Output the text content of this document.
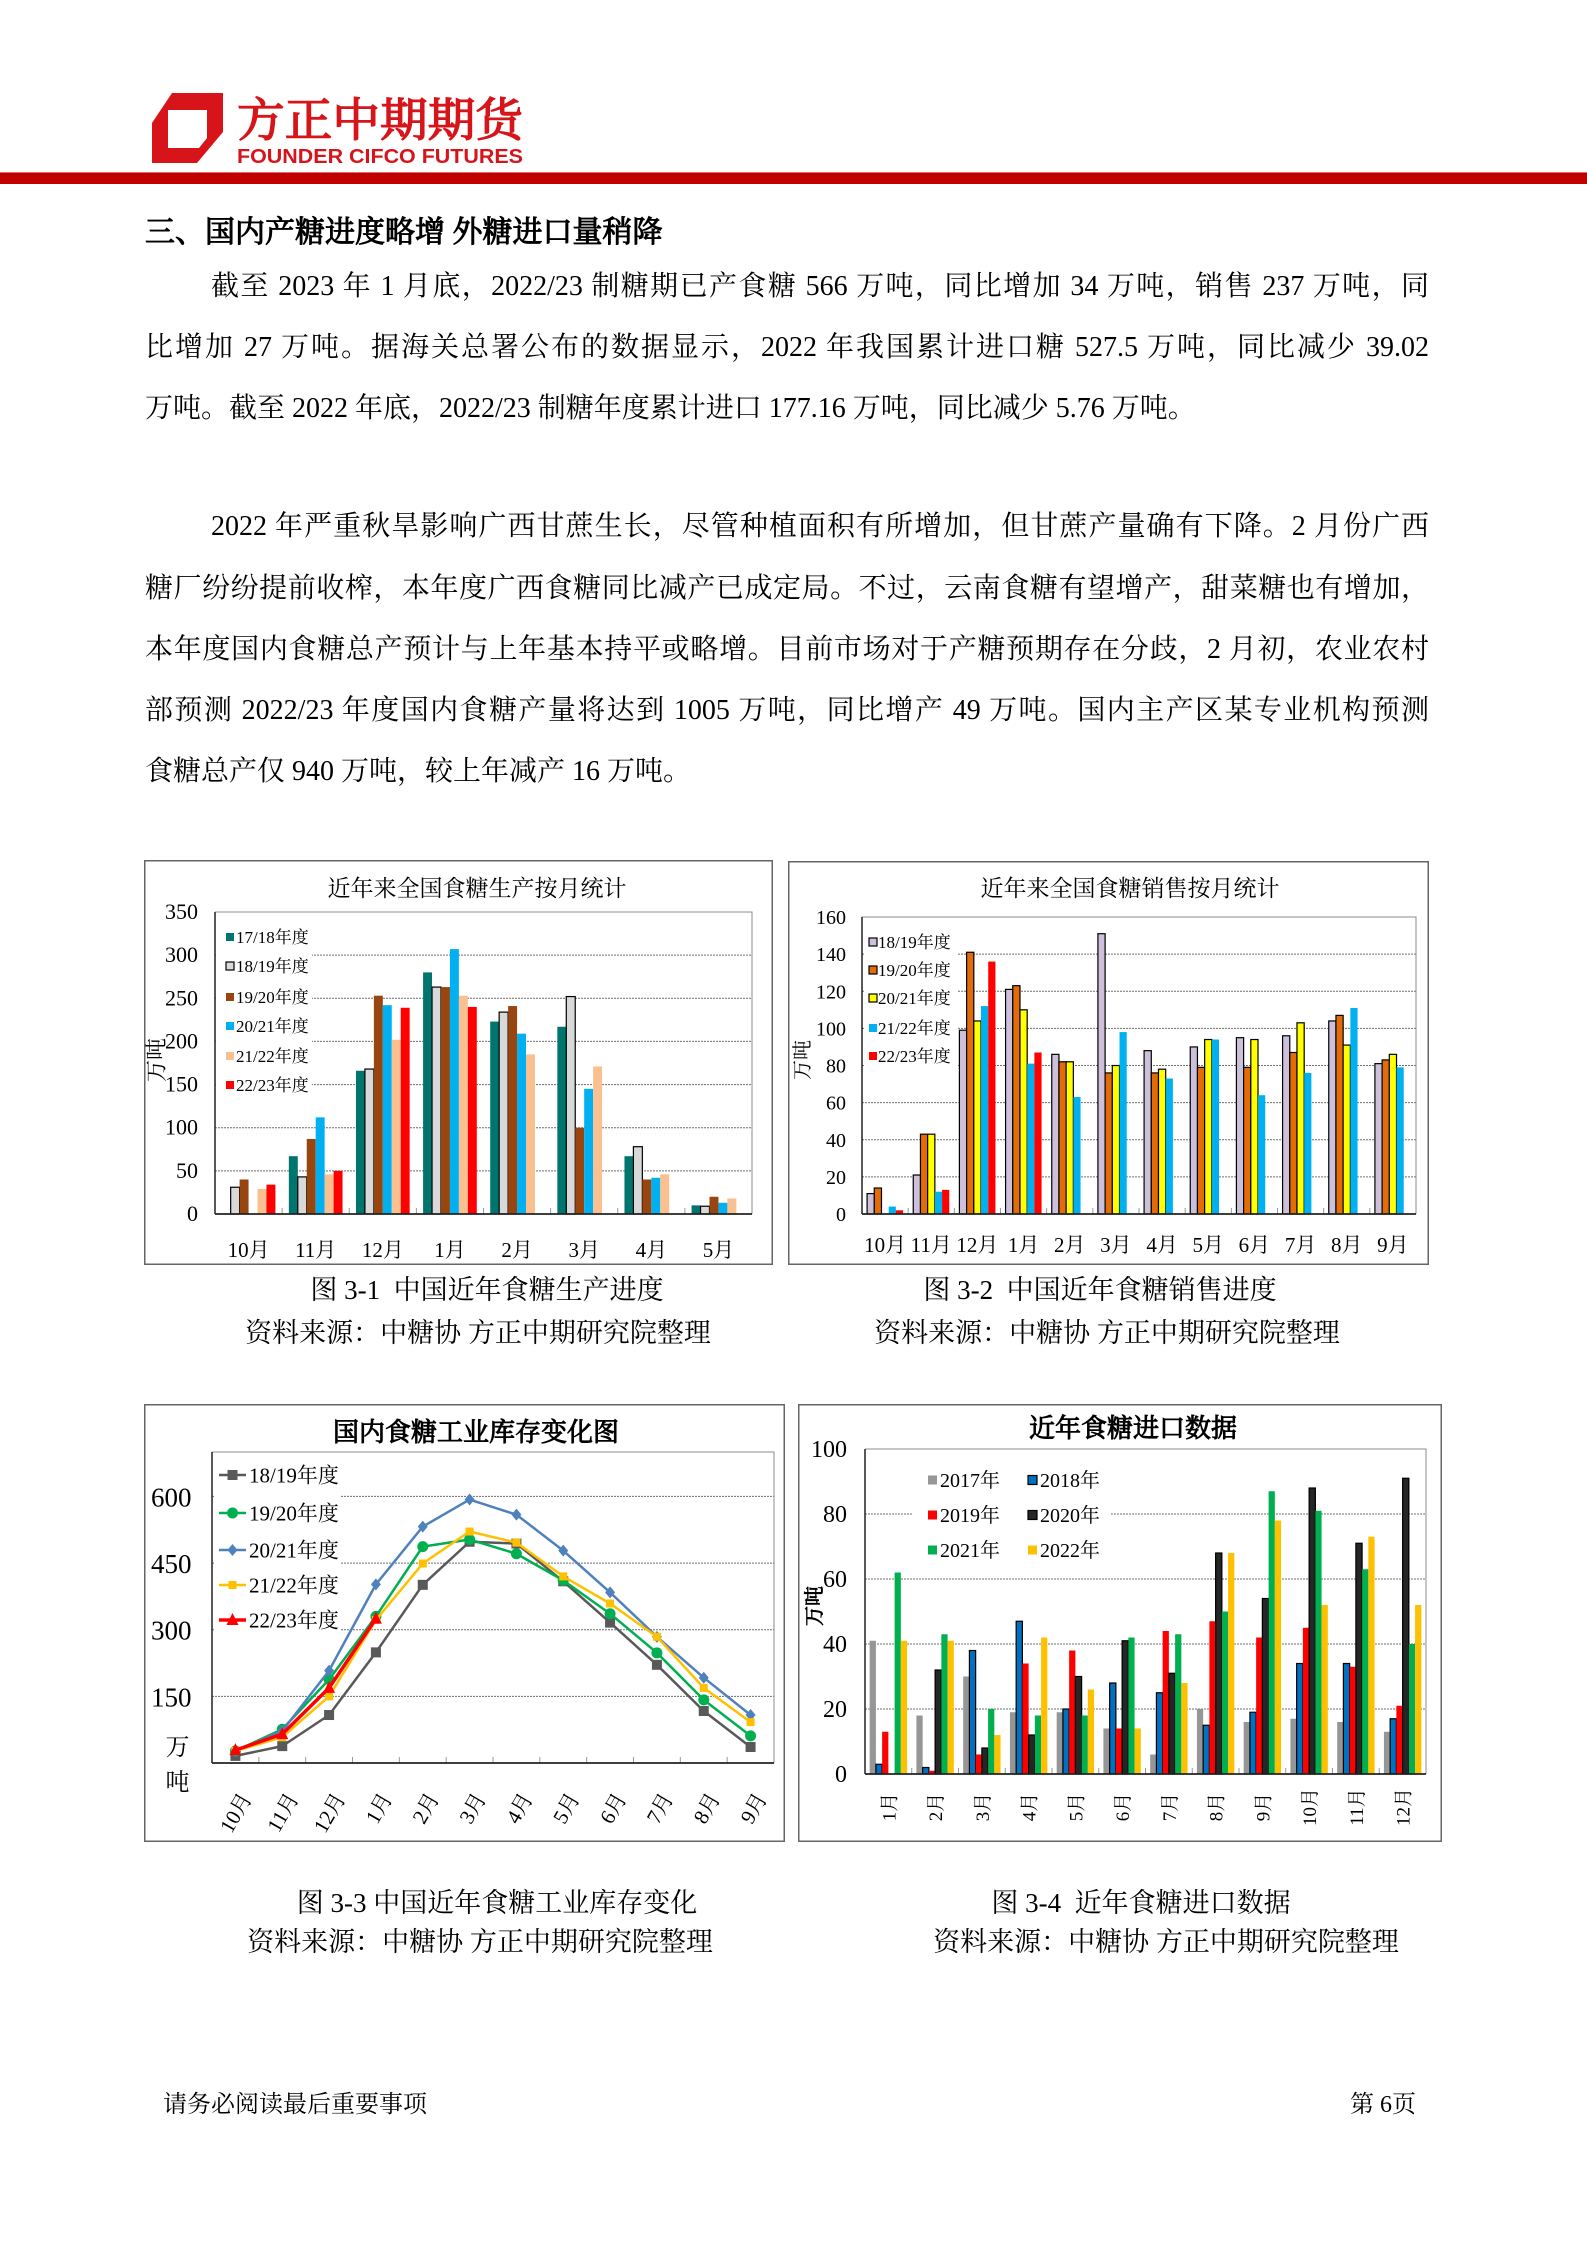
方正中期期货
FOUNDER CIFCO FUTURES
三、国内产糖进度略增 外糖进口量稍降
截至 2023 年 1 月底，2022/23 制糖期已产食糖 566 万吨，同比增加 34 万吨，销售 237 万吨，同
比增加 27 万吨。据海关总署公布的数据显示，2022 年我国累计进口糖 527.5 万吨，同比减少 39.02
万吨。截至 2022 年底，2022/23 制糖年度累计进口 177.16 万吨，同比减少 5.76 万吨。
2022 年严重秋旱影响广西甘蔗生长，尽管种植面积有所增加，但甘蔗产量确有下降。2 月份广西
糖厂纷纷提前收榨，本年度广西食糖同比减产已成定局。不过，云南食糖有望增产，甜菜糖也有增加，
本年度国内食糖总产预计与上年基本持平或略增。目前市场对于产糖预期存在分歧，2 月初，农业农村
部预测 2022/23 年度国内食糖产量将达到 1005 万吨，同比增产 49 万吨。国内主产区某专业机构预测
食糖总产仅 940 万吨，较上年减产 16 万吨。
17/18年度
18/19年度
19/20年度
20/21年度
21/22年度
22/23年度
0
50
100
150
200
250
300
350
10月 11月 12月 1月 2月 3月 4月 5月
近年来全国食糖生产按月统计
万吨
18/19年度
19/20年度
20/21年度
21/22年度
22/23年度
0
20
40
60
80
100
120
140
160
10月 11月 12月 1月 2月 3月 4月 5月 6月 7月 8月 9月
近年来全国食糖销售按月统计
万吨
18/19年度
19/20年度
20/21年度
21/22年度
22/23年度
150
300
450
600
10月 11月 12月 1月 2月 3月 4月 5月 6月 7月 8月 9月
国内食糖工业库存变化图
万吨
2017年 2018年
2019年 2020年
2021年 2022年
0
20
40
60
80
100
1月 2月 3月 4月 5月 6月 7月 8月 9月 10月 11月 12月
近年食糖进口数据
万吨
图 3-1  中国近年食糖生产进度
资料来源：中糖协 方正中期研究院整理
图 3-2  中国近年食糖销售进度
资料来源：中糖协 方正中期研究院整理
图 3-3 中国近年食糖工业库存变化
资料来源：中糖协 方正中期研究院整理
图 3-4  近年食糖进口数据
资料来源：中糖协 方正中期研究院整理
请务必阅读最后重要事项	第 6页
